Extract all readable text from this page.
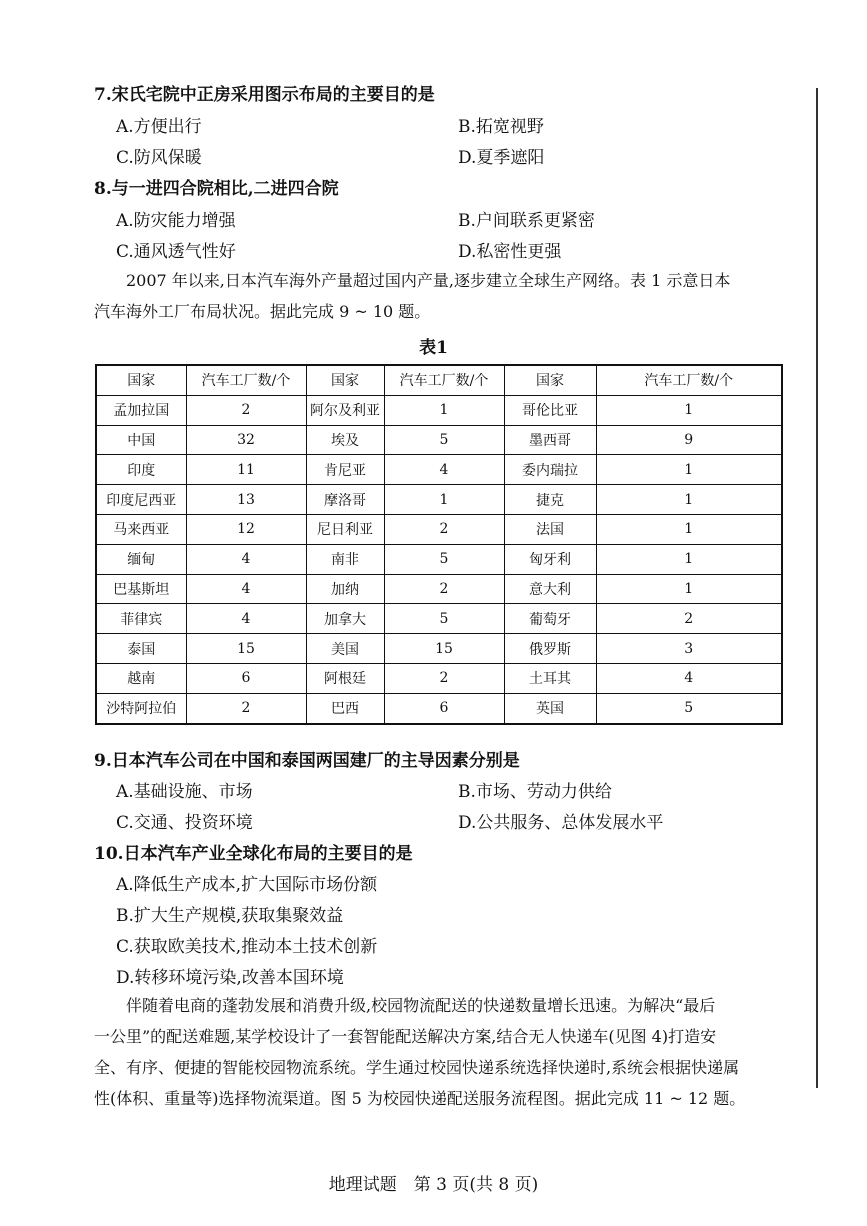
7.宋氏宅院中正房采用图示布局的主要目的是
A.方便出行	B.拓宽视野
C.防风保暖	D.夏季遮阳
8.与一进四合院相比,二进四合院
A.防灾能力增强	B.户间联系更紧密
C.通风透气性好	D.私密性更强
2007 年以来,日本汽车海外产量超过国内产量,逐步建立全球生产网络。表 1 示意日本
汽车海外工厂布局状况。据此完成 9 ~ 10 题。
表1
国家	汽车工厂数/个	国家	汽车工厂数/个	国家	汽车工厂数/个
孟加拉国	2	阿尔及利亚	1	哥伦比亚	1
中国	32	埃及	5	墨西哥	9
印度	11	肯尼亚	4	委内瑞拉	1
印度尼西亚	13	摩洛哥	1	捷克	1
马来西亚	12	尼日利亚	2	法国	1
缅甸	4	南非	5	匈牙利	1
巴基斯坦	4	加纳	2	意大利	1
菲律宾	4	加拿大	5	葡萄牙	2
泰国	15	美国	15	俄罗斯	3
越南	6	阿根廷	2	土耳其	4
沙特阿拉伯	2	巴西	6	英国	5
9.日本汽车公司在中国和泰国两国建厂的主导因素分别是
A.基础设施、市场	B.市场、劳动力供给
C.交通、投资环境	D.公共服务、总体发展水平
10.日本汽车产业全球化布局的主要目的是
A.降低生产成本,扩大国际市场份额
B.扩大生产规模,获取集聚效益
C.获取欧美技术,推动本土技术创新
D.转移环境污染,改善本国环境
伴随着电商的蓬勃发展和消费升级,校园物流配送的快递数量增长迅速。为解决“最后
一公里”的配送难题,某学校设计了一套智能配送解决方案,结合无人快递车(见图 4)打造安
全、有序、便捷的智能校园物流系统。学生通过校园快递系统选择快递时,系统会根据快递属
性(体积、重量等)选择物流渠道。图 5 为校园快递配送服务流程图。据此完成 11 ~ 12 题。
地理试题　第 3 页(共 8 页)
